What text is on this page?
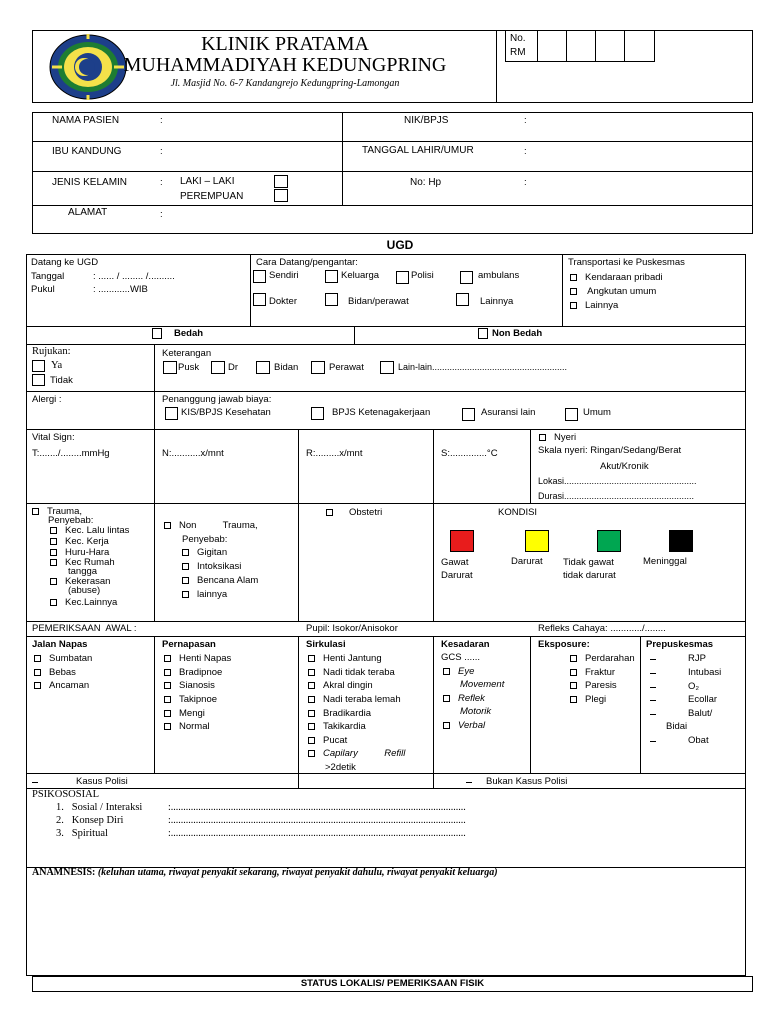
KLINIK PRATAMA
MUHAMMADIYAH KEDUNGPRING
Jl. Masjid No. 6-7 Kandangrejo Kedungpring-Lamongan
No. RM
NAMA PASIEN	:
IBU KANDUNG	:
JENIS KELAMIN	: LAKI – LAKI
PEREMPUAN
ALAMAT	:
NIK/BPJS	:
TANGGAL LAHIR/UMUR	:
No: Hp	:
UGD
Datang ke UGD
Tanggal	: ...... / ........ /..........
Pukul	: ............WIB
Cara Datang/pengantar:
Sendiri	Keluarga	Polisi	ambulans
Dokter	Bidan/perawat	Lainnya
Transportasi ke Puskesmas
Kendaraan pribadi
Angkutan umum
Lainnya
Bedah	Non Bedah
Rujukan:
Ya
Tidak
Keterangan
Pusk	Dr	Bidan	Perawat	Lain-lain......................................................
Alergi :	Penanggung jawab biaya:
KIS/BPJS Kesehatan	BPJS Ketenagakerjaan	Asuransi lain	Umum
Vital Sign:
T:......./........mmHg	N:...........x/mnt	R:.........x/mnt	S:..............°C
Nyeri
Skala nyeri: Ringan/Sedang/Berat
Akut/Kronik
Lokasi.....................................................
Durasi....................................................
Trauma,
Penyebab:
Kec. Lalu lintas
Kec. Kerja
Huru-Hara
Kec Rumah
tangga
Kekerasan
(abuse)
Kec.Lainnya
Non          Trauma,
Penyebab:
Gigitan
Intoksikasi
Bencana Alam
lainnya
Obstetri	KONDISI
Gawat Darurat
Darurat Tidak gawat tidak darurat
Meninggal
PEMERIKSAAN  AWAL :	Pupil: Isokor/Anisokor	Refleks Cahaya: ............/........
Jalan Napas
Sumbatan
Bebas
Ancaman
Pernapasan
Henti Napas
Bradipnoe
Sianosis
Takipnoe
Mengi
Normal
Sirkulasi
Henti Jantung
Nadi tidak teraba
Akral dingin
Nadi teraba lemah
Bradikardia
Takikardia
Pucat
Capilary          Refill
>2detik
Kesadaran
GCS ......
Eye
Movement
Reflek
Motorik
Verbal
Eksposure:
Perdarahan
Fraktur
Paresis
Plegi
Prepuskesmas
RJP
Intubasi
O₂
Ecollar
Balut/
Bidai
Obat
Kasus Polisi	Bukan Kasus Polisi
PSIKOSOSIAL
1.   Sosial / Interaksi	:......................................................................................................................
2.   Konsep Diri	:......................................................................................................................
3.   Spiritual	:......................................................................................................................
ANAMNESIS: (keluhan utama, riwayat penyakit sekarang, riwayat penyakit dahulu, riwayat penyakit keluarga)
STATUS LOKALIS/ PEMERIKSAAN FISIK
